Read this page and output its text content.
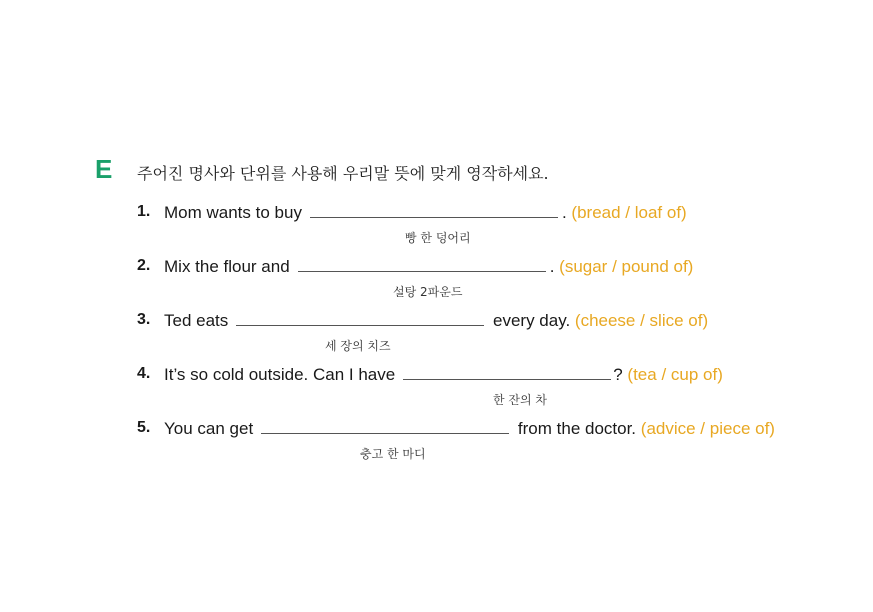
E 주어진 명사와 단위를 사용해 우리말 뜻에 맞게 영작하세요.
1. Mom wants to buy	. (bread / loaf of)
빵 한 덩어리
2. Mix the flour and	. (sugar / pound of)
설탕 2파운드
3. Ted eats	every day. (cheese / slice of)
세 장의 치즈
4. It’s so cold outside. Can I have	? (tea / cup of)
한 잔의 차
5. You can get	from the doctor. (advice / piece of)
충고 한 마디
